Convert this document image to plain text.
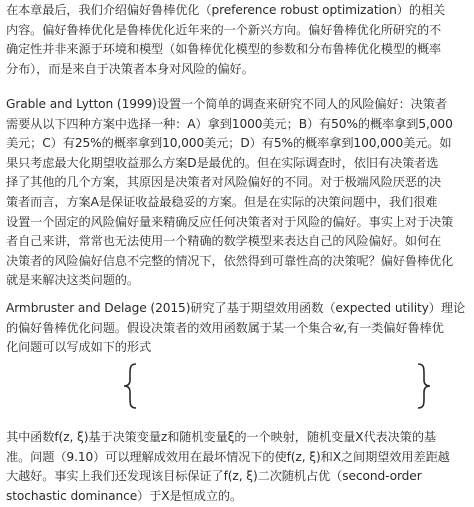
在本章最后，我们介绍偏好鲁棒优化（preference robust optimization）的相关
内容。偏好鲁棒优化是鲁棒优化近年来的一个新兴方向。偏好鲁棒优化所研究的不
确定性并非来源于环境和模型（如鲁棒优化模型的参数和分布鲁棒优化模型的概率
分布），而是来自于决策者本身对风险的偏好。

Grable and Lytton (1999)设置一个简单的调查来研究不同人的风险偏好：决策者
需要从以下四种方案中选择一种：A）拿到1000美元；B）有50%的概率拿到5,000
美元；C）有25%的概率拿到10,000美元；D）有5%的概率拿到100,000美元。如
果只考虑最大化期望收益那么方案D是最优的。但在实际调查时，依旧有决策者选
择了其他的几个方案，其原因是决策者对风险偏好的不同。对于极端风险厌恶的决
策者而言，方案A是保证收益最稳妥的方案。但是在实际的决策问题中，我们很难
设置一个固定的风险偏好量来精确反应任何决策者对于风险的偏好。事实上对于决策
者自己来讲，常常也无法使用一个精确的数学模型来表达自己的风险偏好。如何在
决策者的风险偏好信息不完整的情况下，依然得到可靠性高的决策呢？偏好鲁棒优化
就是来解决这类问题的。

Armbruster and Delage (2015)研究了基于期望效用函数（expected utility）理论
的偏好鲁棒优化问题。假设决策者的效用函数属于某一个集合𝒰,有一类偏好鲁棒优
化问题可以写成如下的形式

其中函数f(z, ξ)基于决策变量z和随机变量ξ的一个映射，随机变量X代表决策的基
准。问题（9.10）可以理解成效用在最坏情况下的使f(z, ξ)和X之间期望效用差距越
大越好。事实上我们还发现该目标保证了f(z, ξ)二次随机占优（second-order
stochastic dominance）于X是恒成立的。
